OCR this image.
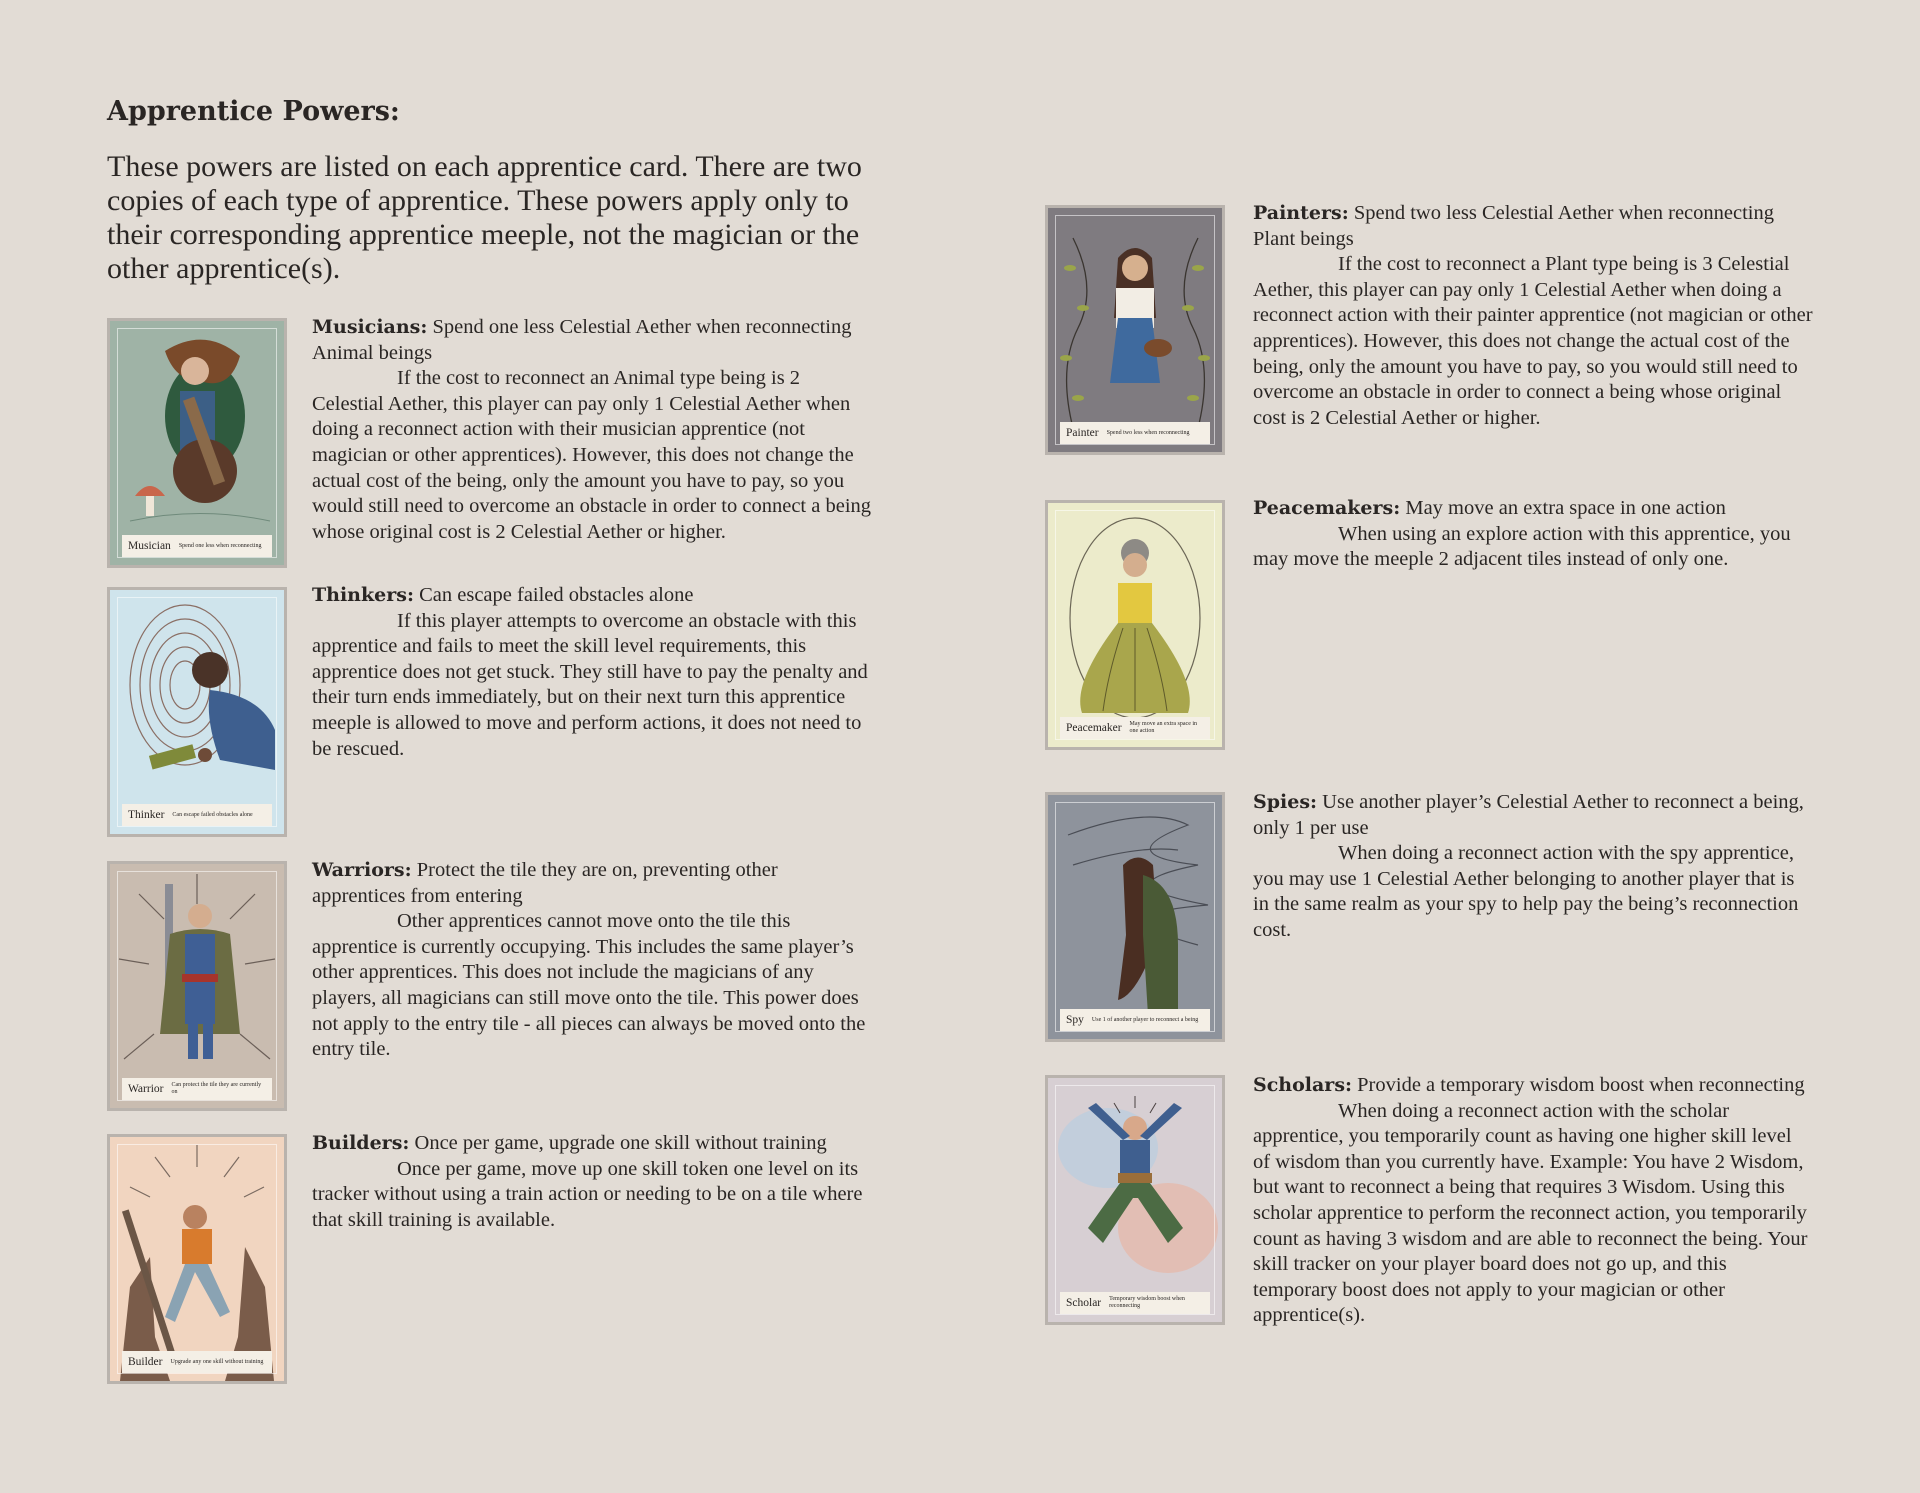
Apprentice Powers:

These powers are listed on each apprentice card. There are two copies of each type of apprentice. These powers apply only to their corresponding apprentice meeple, not the magician or the other apprentice(s).

Musician Spend one less when reconnecting

Musicians: Spend one less Celestial Aether when reconnecting Animal beings
If the cost to reconnect an Animal type being is 2 Celestial Aether, this player can pay only 1 Celestial Aether when doing a reconnect action with their musician apprentice (not magician or other apprentices). However, this does not change the actual cost of the being, only the amount you have to pay, so you would still need to overcome an obstacle in order to connect a being whose original cost is 2 Celestial Aether or higher.

Thinker Can escape failed obstacles alone

Thinkers: Can escape failed obstacles alone
If this player attempts to overcome an obstacle with this apprentice and fails to meet the skill level requirements, this apprentice does not get stuck. They still have to pay the penalty and their turn ends immediately, but on their next turn this apprentice meeple is allowed to move and perform actions, it does not need to be rescued.

Warrior Can protect the tile they are currently on

Warriors: Protect the tile they are on, preventing other apprentices from entering
Other apprentices cannot move onto the tile this apprentice is currently occupying. This includes the same player’s other apprentices. This does not include the magicians of any players, all magicians can still move onto the tile. This power does not apply to the entry tile - all pieces can always be moved onto the entry tile.

Builder Upgrade any one skill without training

Builders: Once per game, upgrade one skill without training
Once per game, move up one skill token one level on its tracker without using a train action or needing to be on a tile where that skill training is available.

Painter Spend two less when reconnecting

Painters: Spend two less Celestial Aether when reconnecting Plant beings
If the cost to reconnect a Plant type being is 3 Celestial Aether, this player can pay only 1 Celestial Aether when doing a reconnect action with their painter apprentice (not magician or other apprentices). However, this does not change the actual cost of the being, only the amount you have to pay, so you would still need to overcome an obstacle in order to connect a being whose original cost is 2 Celestial Aether or higher.

Peacemaker May move an extra space in one action

Peacemakers: May move an extra space in one action
When using an explore action with this apprentice, you may move the meeple 2 adjacent tiles instead of only one.

Spy Use 1 of another player to reconnect a being

Spies: Use another player’s Celestial Aether to reconnect a being, only 1 per use
When doing a reconnect action with the spy apprentice, you may use 1 Celestial Aether belonging to another player that is in the same realm as your spy to help pay the being’s reconnection cost.

Scholar Temporary wisdom boost when reconnecting

Scholars: Provide a temporary wisdom boost when reconnecting
When doing a reconnect action with the scholar apprentice, you temporarily count as having one higher skill level of wisdom than you currently have. Example: You have 2 Wisdom, but want to reconnect a being that requires 3 Wisdom. Using this scholar apprentice to perform the reconnect action, you temporarily count as having 3 wisdom and are able to reconnect the being. Your skill tracker on your player board does not go up, and this temporary boost does not apply to your magician or other apprentice(s).
